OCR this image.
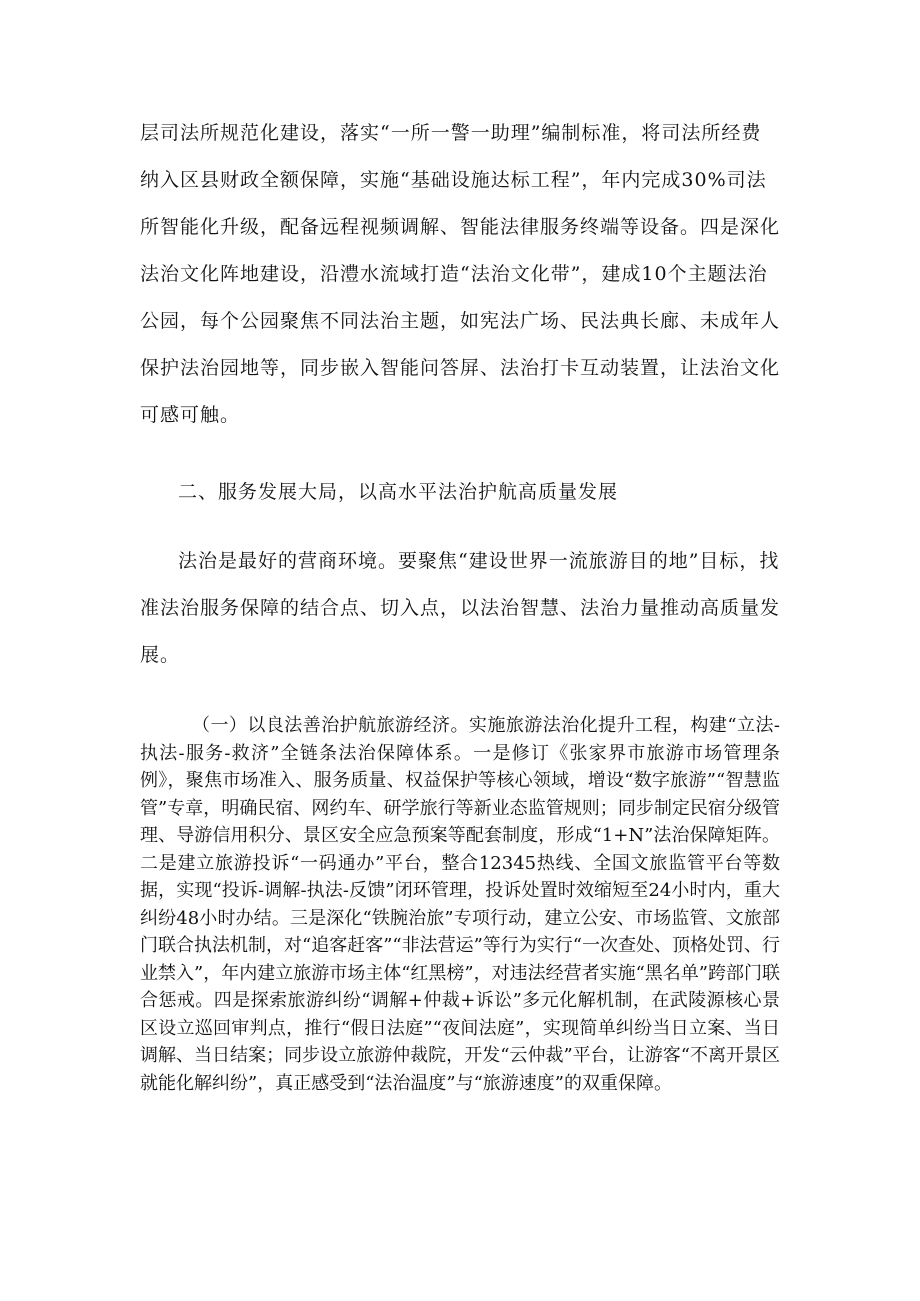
层司法所规范化建设，落实“一所一警一助理”编制标准，将司法所经费纳入区县财政全额保障，实施“基础设施达标工程”，年内完成30%司法所智能化升级，配备远程视频调解、智能法律服务终端等设备。四是深化法治文化阵地建设，沿澧水流域打造“法治文化带”，建成10个主题法治公园，每个公园聚焦不同法治主题，如宪法广场、民法典长廊、未成年人保护法治园地等，同步嵌入智能问答屏、法治打卡互动装置，让法治文化可感可触。

二、服务发展大局，以高水平法治护航高质量发展

法治是最好的营商环境。要聚焦“建设世界一流旅游目的地”目标，找准法治服务保障的结合点、切入点，以法治智慧、法治力量推动高质量发展。

（一）以良法善治护航旅游经济。实施旅游法治化提升工程，构建“立法-执法-服务-救济”全链条法治保障体系。一是修订《张家界市旅游市场管理条例》，聚焦市场准入、服务质量、权益保护等核心领域，增设“数字旅游”“智慧监管”专章，明确民宿、网约车、研学旅行等新业态监管规则；同步制定民宿分级管理、导游信用积分、景区安全应急预案等配套制度，形成“1+N”法治保障矩阵。二是建立旅游投诉“一码通办”平台，整合12345热线、全国文旅监管平台等数据，实现“投诉-调解-执法-反馈”闭环管理，投诉处置时效缩短至24小时内，重大纠纷48小时办结。三是深化“铁腕治旅”专项行动，建立公安、市场监管、文旅部门联合执法机制，对“追客赶客”“非法营运”等行为实行“一次查处、顶格处罚、行业禁入”，年内建立旅游市场主体“红黑榜”，对违法经营者实施“黑名单”跨部门联合惩戒。四是探索旅游纠纷“调解+仲裁+诉讼”多元化解机制，在武陵源核心景区设立巡回审判点，推行“假日法庭”“夜间法庭”，实现简单纠纷当日立案、当日调解、当日结案；同步设立旅游仲裁院，开发“云仲裁”平台，让游客“不离开景区就能化解纠纷”，真正感受到“法治温度”与“旅游速度”的双重保障。
